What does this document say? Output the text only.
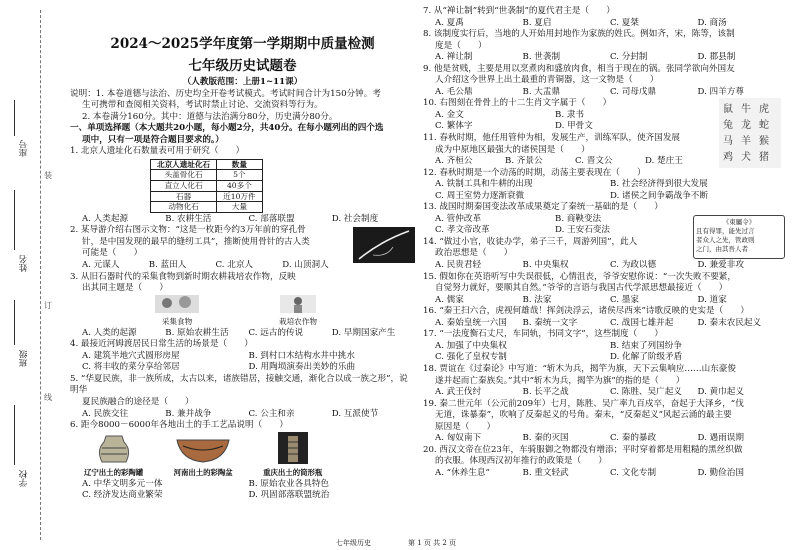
座号
装
姓名
订
班级
线
学校
2024～2025学年度第一学期期中质量检测
七年级历史试题卷
（人教版范围：上册1~11课）

说明：1. 本卷道德与法治、历史均全开卷考试模式。考试时间合计为150分钟。考

生可携带和查阅相关资料，考试时禁止讨论、交流资料等行为。

2. 本卷满分160分。其中：道德与法治满分80分，历史满分80分。

一、单项选择题（本大题共20小题，每小题2分，共40分。在每小题列出的四个选

项中，只有一项是符合题目要求的。）

1. 北京人遗址化石数量表可用于研究（　　）

北京人遗址化石	数量
头盖骨化石	5个
直立人化石	40多个
石器	近10万件
动物化石	大量
A. 人类起源	B. 农耕生活	C. 部落联盟	D. 社会制度

2. 某导游介绍右图示文物：“这是一枚距今约3万年前的穿孔骨

针，是中国发现的最早的缝纫工具”，推断使用骨针的古人类

可能是（　　）

A. 元谋人	B. 蓝田人	C. 北京人	D. 山顶洞人

3. 从旧石器时代的采集食物到新时期农耕栽培农作物，反映

出其同主题是（　　）

采集食物	栽培农作物
A. 人类的起源	B. 原始农耕生活	C. 远古的传说	D. 早期国家产生

4. 最接近河姆渡居民日常生活的场景是（　　）

A. 建筑半地穴式圆形房屋	B. 到村口木结构水井中挑水
C. 将丰收的菜分享给邻居	D. 用陶埙演奏出美妙的乐曲

5. “华夏民族，非一族所成，太古以来，诸族错居，接触交通，渐化合以成一族之形”，说明华

夏民族融合的途径是（　　）

A. 民族交往	B. 兼并战争	C. 公主和亲	D. 互派使节

6. 距今8000－6000年各地出土的手工艺品说明（　　）

辽宁出土的彩陶罐	河南出土的彩陶盆	重庆出土的筒形瓶
A. 中华文明多元一体	B. 原始农业各具特色
C. 经济发达商业繁荣	D. 巩固部落联盟统治

7. 从“禅让制”转到“世袭制”的夏代君主是（　　）

A. 夏禹	B. 夏启	C. 夏桀	D. 商汤

8. 该制度实行后，当地的人开始用封地作为家族的姓氏。例如齐，宋，陈等，该制

度是（　　）

A. 禅让制	B. 世袭制	C. 分封制	D. 郡县制

9. 他是贫贱，主要是用以烹煮肉和盛放肉食，相当于现在的锅。张同学欲向外国友

人介绍这今世界上出土最重的青铜器，这一文物是（　　）

A. 毛公鼎	B. 大盂鼎	C. 司母戊鼎	D. 四羊方尊
鼠 牛 虎
兔 龙 蛇
马 羊 猴
鸡 犬 猪

10. 右图刻在骨骨上的十二生肖文字属于（　　）

A. 金文	B. 隶书
C. 繁体字	D. 甲骨文

11. 春秋时期，他任用管仲为相，发展生产，训练军队，使齐国发展

成为中原地区最强大的诸侯国是（　　）

A. 齐桓公	B. 齐景公	C. 晋文公	D. 楚庄王

12. 春秋时期是一个动荡的时期，动荡主要表现在（　　）

A. 铁制工具和牛耕的出现	B. 社会经济得到很大发展
C. 周王室势力逐渐衰微	D. 诸侯之间争霸战争不断

13. 战国时期秦国变法改革成果奠定了秦统一基础的是（　　）

A. 管仲改革	B. 商鞅变法
C. 孝文帝改革	D. 王安石变法
《東屬令》
且有得罪，能先过言
者众人之先，管政则
之门，由其吾人者

14. “做过小官，收徒办学，弟子三千，周游列国”，此人

政治思想是（　　）

A. 民贵君轻	B. 中央集权	C. 为政以德	D. 兼爱非攻

15. 假如你在英语听写中失误很低，心情沮丧，爷爷安慰你说：“一次失败不要紧，

自觉努力就好，要顺其自然。”爷爷的言语与我国古代学派思想最接近（　　）

A. 儒家	B. 法家	C. 墨家	D. 道家

16. “秦王扫六合，虎视何雄哉！挥剑决浮云，诸侯尽西来”诗歌反映的史实是（　　）

A. 秦始皇统一六国	B. 秦统一文字	C. 战国七雄并起	D. 秦末农民起义

17. “一法度衡石丈尺，车同轨，书同文字”，这些制度（　　）

A. 加强了中央集权	B. 结束了列国纷争
C. 强化了皇权专制	D. 化解了阶级矛盾

18. 贾谊在《过秦论》中写道：“斩木为兵，揭竿为旗，天下云集响应……山东豪俊

遂并起而亡秦族矣。”其中“斩木为兵，揭竿为旗”的指的是（　　）

A. 武王伐纣	B. 长平之战	C. 陈胜、吴广起义	D. 黄巾起义

19. 秦二世元年（公元前209年）七月，陈胜、吴广率九百戍卒，奋起于大泽乡，“伐

无道，诛暴秦”，吹响了反秦起义的号角。秦末，“反秦起义”风起云涌的最主要

原因是（　　）

A. 匈奴南下	B. 秦的灭国	C. 秦的暴政	D. 遇雨误期

20. 西汉文帝在位23年，车骑服御之物都没有增添；平时穿着都是用粗糙的黑丝织做

的衣服。体现西汉初年推行的政策是（　　）

A. “休养生息”	B. 重文轻武	C. 文化专制	D. 勤俭治国
七年级历史	第 1 页 共 2 页
